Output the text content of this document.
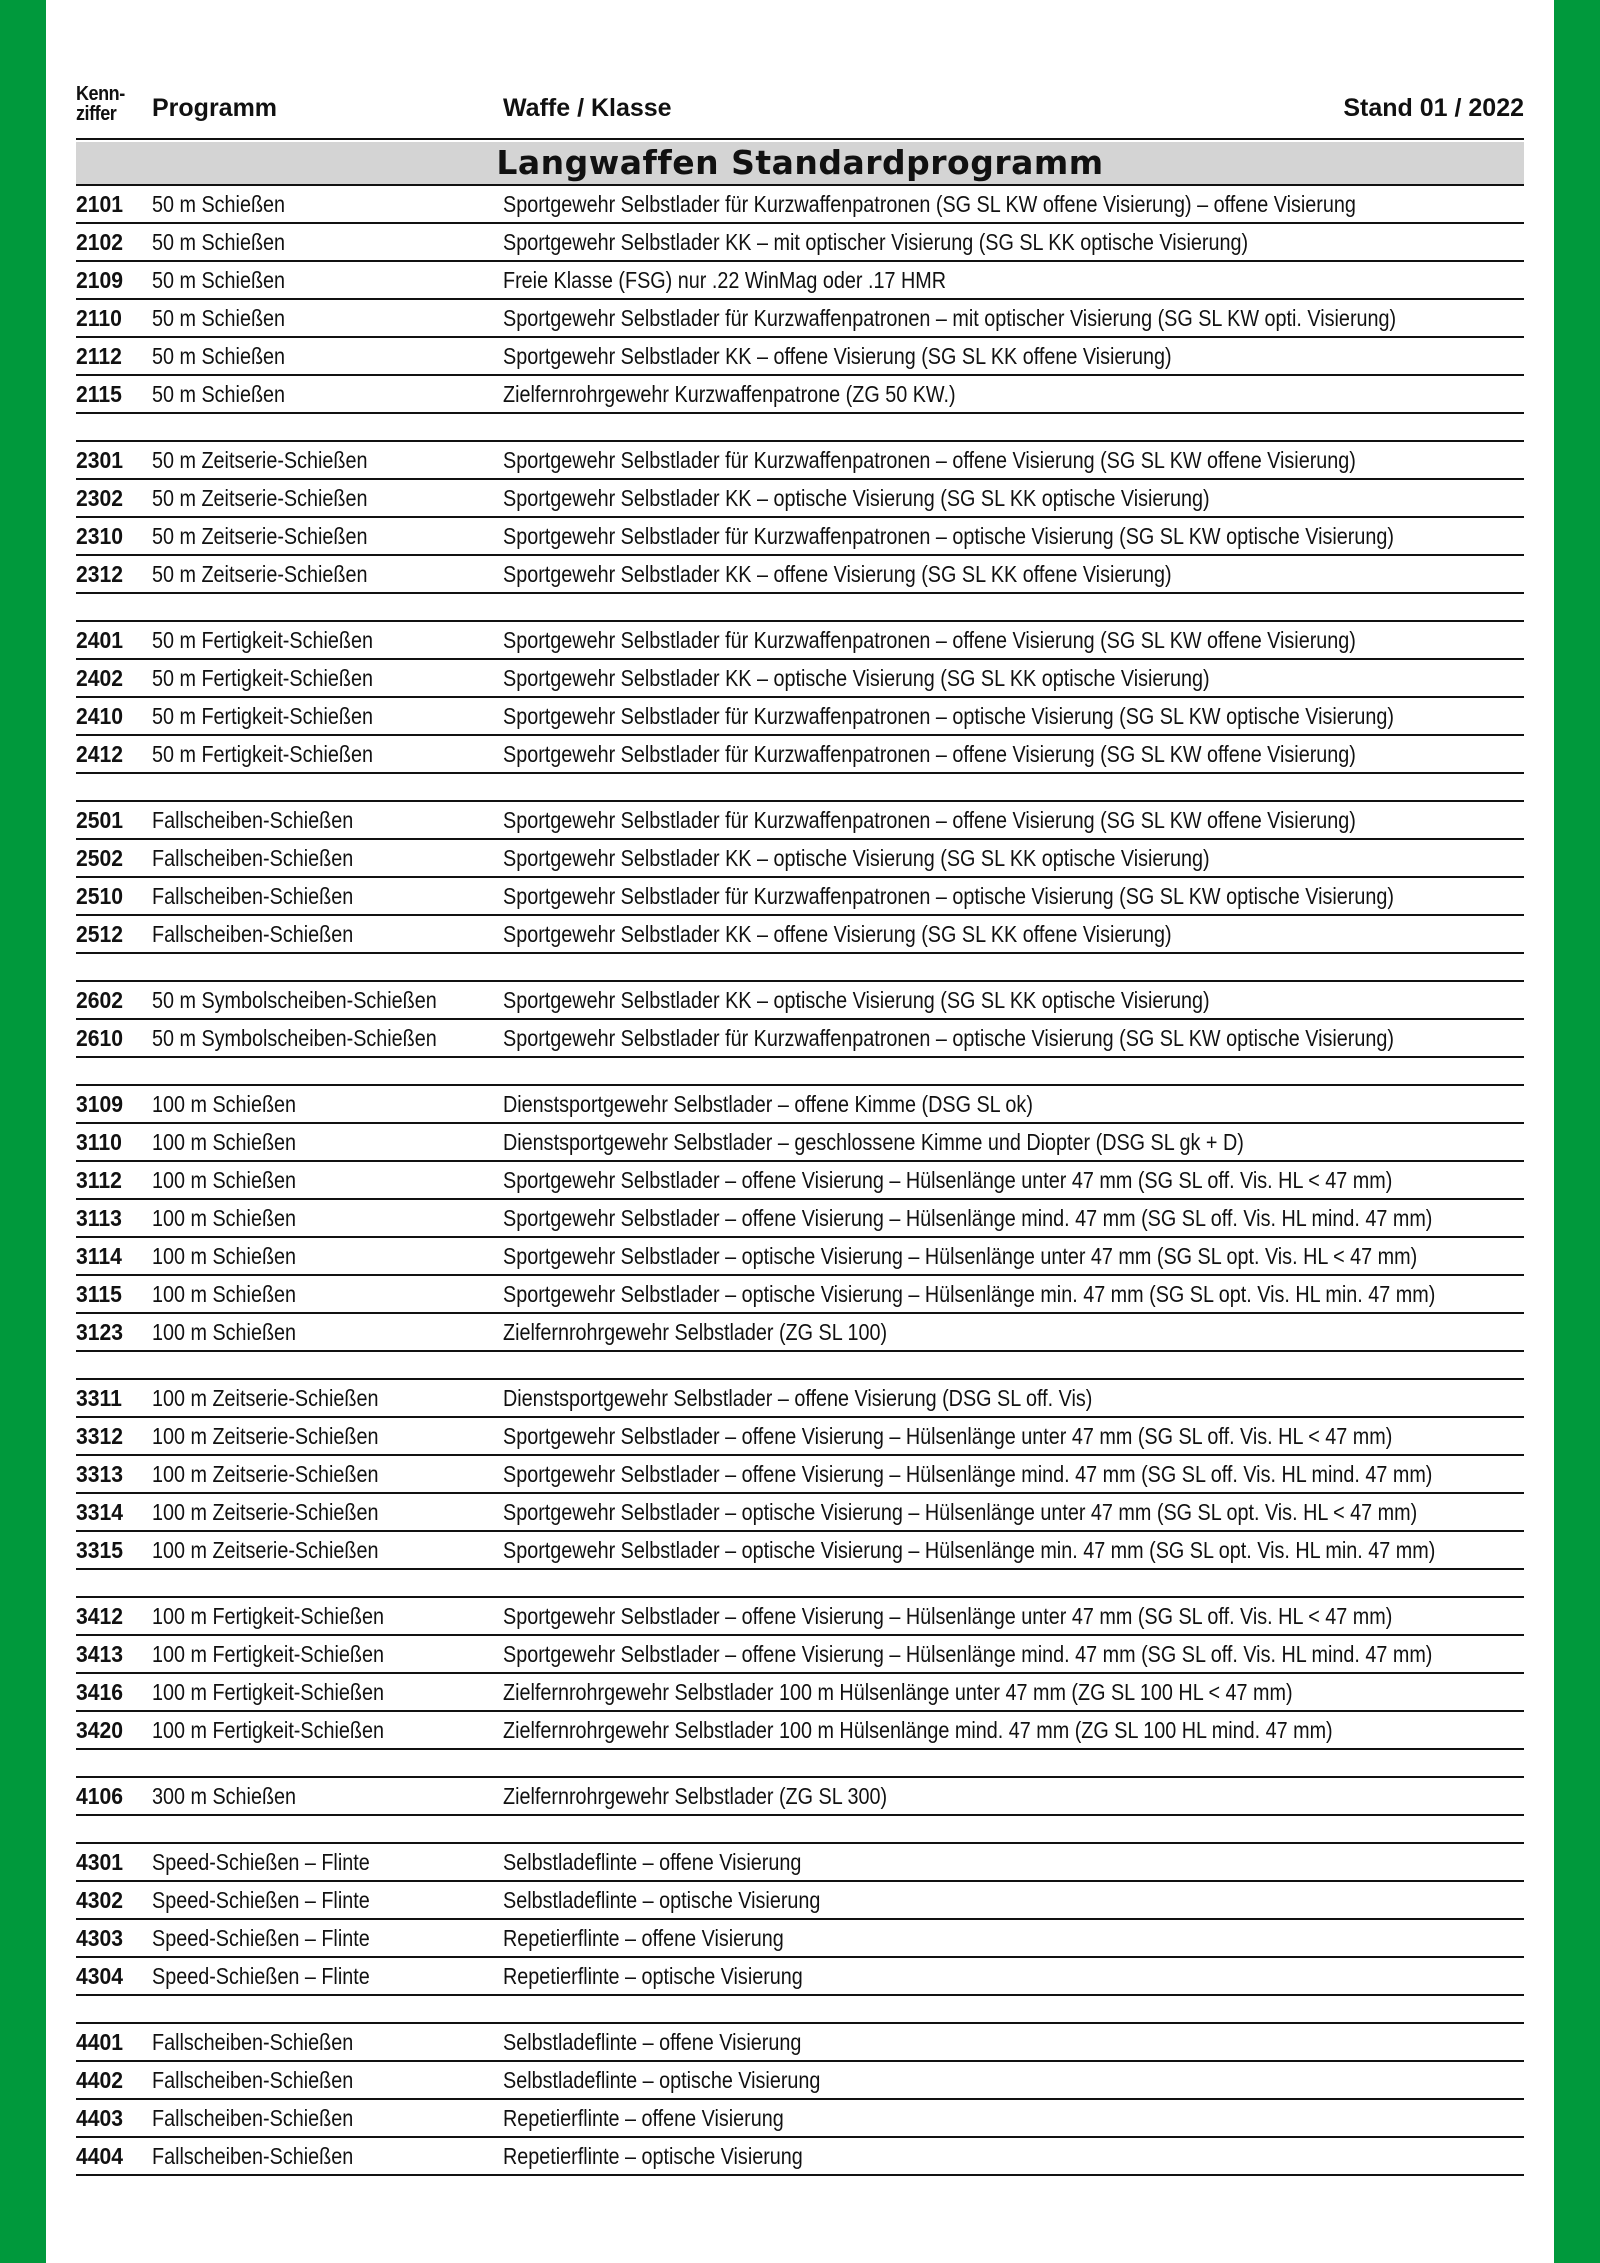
Kenn-
ziffer	Programm	Waffe / Klasse	Stand 01 / 2022
Langwaffen Standardprogramm
2101	50 m Schießen	Sportgewehr Selbstlader für Kurzwaffenpatronen (SG SL KW offene Visierung) – offene Visierung
2102	50 m Schießen	Sportgewehr Selbstlader KK – mit optischer Visierung (SG SL KK optische Visierung)
2109	50 m Schießen	Freie Klasse (FSG) nur .22 WinMag oder .17 HMR
2110	50 m Schießen	Sportgewehr Selbstlader für Kurzwaffenpatronen – mit optischer Visierung (SG SL KW opti. Visierung)
2112	50 m Schießen	Sportgewehr Selbstlader KK – offene Visierung (SG SL KK offene Visierung)
2115	50 m Schießen	Zielfernrohrgewehr Kurzwaffenpatrone (ZG 50 KW.)
2301	50 m Zeitserie-Schießen	Sportgewehr Selbstlader für Kurzwaffenpatronen – offene Visierung (SG SL KW offene Visierung)
2302	50 m Zeitserie-Schießen	Sportgewehr Selbstlader KK – optische Visierung (SG SL KK optische Visierung)
2310	50 m Zeitserie-Schießen	Sportgewehr Selbstlader für Kurzwaffenpatronen – optische Visierung (SG SL KW optische Visierung)
2312	50 m Zeitserie-Schießen	Sportgewehr Selbstlader KK – offene Visierung (SG SL KK offene Visierung)
2401	50 m Fertigkeit-Schießen	Sportgewehr Selbstlader für Kurzwaffenpatronen – offene Visierung (SG SL KW offene Visierung)
2402	50 m Fertigkeit-Schießen	Sportgewehr Selbstlader KK – optische Visierung (SG SL KK optische Visierung)
2410	50 m Fertigkeit-Schießen	Sportgewehr Selbstlader für Kurzwaffenpatronen – optische Visierung (SG SL KW optische Visierung)
2412	50 m Fertigkeit-Schießen	Sportgewehr Selbstlader für Kurzwaffenpatronen – offene Visierung (SG SL KW offene Visierung)
2501	Fallscheiben-Schießen	Sportgewehr Selbstlader für Kurzwaffenpatronen – offene Visierung (SG SL KW offene Visierung)
2502	Fallscheiben-Schießen	Sportgewehr Selbstlader KK – optische Visierung (SG SL KK optische Visierung)
2510	Fallscheiben-Schießen	Sportgewehr Selbstlader für Kurzwaffenpatronen – optische Visierung (SG SL KW optische Visierung)
2512	Fallscheiben-Schießen	Sportgewehr Selbstlader KK – offene Visierung (SG SL KK offene Visierung)
2602	50 m Symbolscheiben-Schießen	Sportgewehr Selbstlader KK – optische Visierung (SG SL KK optische Visierung)
2610	50 m Symbolscheiben-Schießen	Sportgewehr Selbstlader für Kurzwaffenpatronen – optische Visierung (SG SL KW optische Visierung)
3109	100 m Schießen	Dienstsportgewehr Selbstlader – offene Kimme (DSG SL ok)
3110	100 m Schießen	Dienstsportgewehr Selbstlader – geschlossene Kimme und Diopter (DSG SL gk + D)
3112	100 m Schießen	Sportgewehr Selbstlader – offene Visierung – Hülsenlänge unter 47 mm (SG SL off. Vis. HL < 47 mm)
3113	100 m Schießen	Sportgewehr Selbstlader – offene Visierung – Hülsenlänge mind. 47 mm (SG SL off. Vis. HL mind. 47 mm)
3114	100 m Schießen	Sportgewehr Selbstlader – optische Visierung – Hülsenlänge unter 47 mm (SG SL opt. Vis. HL < 47 mm)
3115	100 m Schießen	Sportgewehr Selbstlader – optische Visierung – Hülsenlänge min. 47 mm (SG SL opt. Vis. HL min. 47 mm)
3123	100 m Schießen	Zielfernrohrgewehr Selbstlader (ZG SL 100)
3311	100 m Zeitserie-Schießen	Dienstsportgewehr Selbstlader – offene Visierung (DSG SL off. Vis)
3312	100 m Zeitserie-Schießen	Sportgewehr Selbstlader – offene Visierung – Hülsenlänge unter 47 mm (SG SL off. Vis. HL < 47 mm)
3313	100 m Zeitserie-Schießen	Sportgewehr Selbstlader – offene Visierung – Hülsenlänge mind. 47 mm (SG SL off. Vis. HL mind. 47 mm)
3314	100 m Zeitserie-Schießen	Sportgewehr Selbstlader – optische Visierung – Hülsenlänge unter 47 mm (SG SL opt. Vis. HL < 47 mm)
3315	100 m Zeitserie-Schießen	Sportgewehr Selbstlader – optische Visierung – Hülsenlänge min. 47 mm (SG SL opt. Vis. HL min. 47 mm)
3412	100 m Fertigkeit-Schießen	Sportgewehr Selbstlader – offene Visierung – Hülsenlänge unter 47 mm (SG SL off. Vis. HL < 47 mm)
3413	100 m Fertigkeit-Schießen	Sportgewehr Selbstlader – offene Visierung – Hülsenlänge mind. 47 mm (SG SL off. Vis. HL mind. 47 mm)
3416	100 m Fertigkeit-Schießen	Zielfernrohrgewehr Selbstlader 100 m Hülsenlänge unter 47 mm (ZG SL 100 HL < 47 mm)
3420	100 m Fertigkeit-Schießen	Zielfernrohrgewehr Selbstlader 100 m Hülsenlänge mind. 47 mm (ZG SL 100 HL mind. 47 mm)
4106	300 m Schießen	Zielfernrohrgewehr Selbstlader (ZG SL 300)
4301	Speed-Schießen – Flinte	Selbstladeflinte – offene Visierung
4302	Speed-Schießen – Flinte	Selbstladeflinte – optische Visierung
4303	Speed-Schießen – Flinte	Repetierflinte – offene Visierung
4304	Speed-Schießen – Flinte	Repetierflinte – optische Visierung
4401	Fallscheiben-Schießen	Selbstladeflinte – offene Visierung
4402	Fallscheiben-Schießen	Selbstladeflinte – optische Visierung
4403	Fallscheiben-Schießen	Repetierflinte – offene Visierung
4404	Fallscheiben-Schießen	Repetierflinte – optische Visierung
